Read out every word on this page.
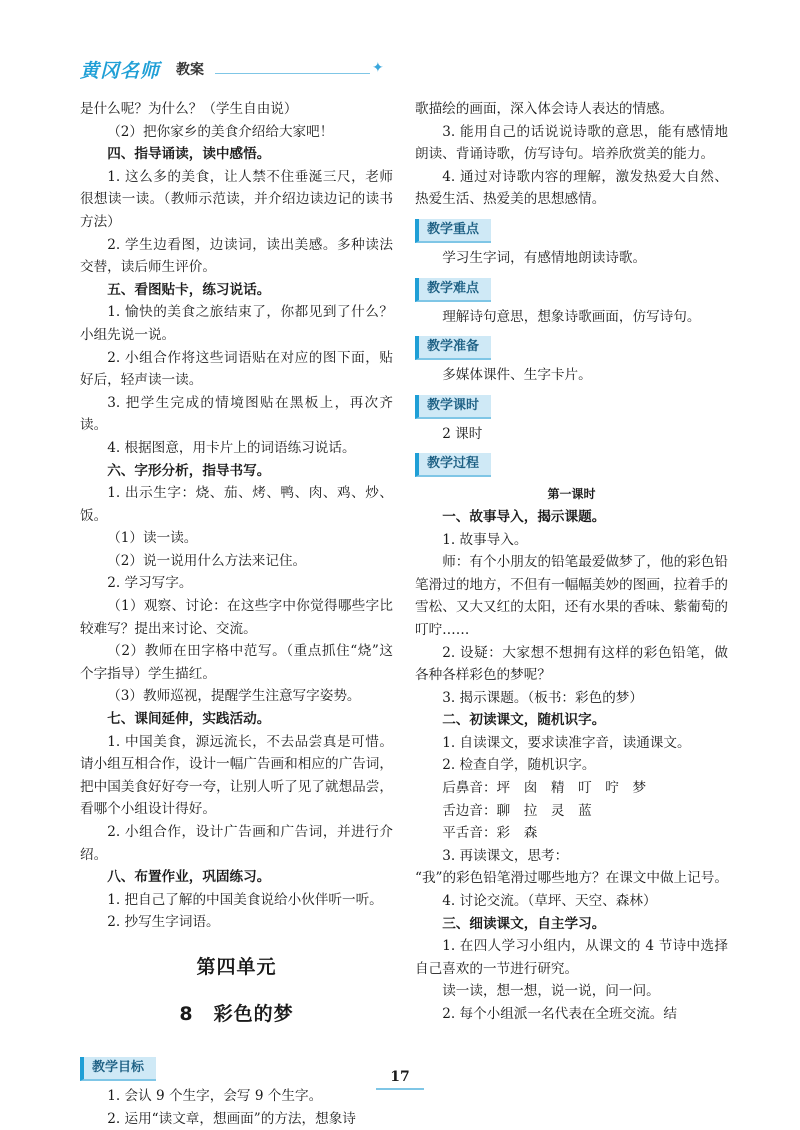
黄冈名师 教案	✦

是什么呢？为什么？（学生自由说）

（2）把你家乡的美食介绍给大家吧！

四、指导诵读，读中感悟。

1. 这么多的美食，让人禁不住垂涎三尺，老师很想读一读。（教师示范读，并介绍边读边记的读书方法）

2. 学生边看图，边读词，读出美感。多种读法交替，读后师生评价。

五、看图贴卡，练习说话。

1. 愉快的美食之旅结束了，你都见到了什么？小组先说一说。

2. 小组合作将这些词语贴在对应的图下面，贴好后，轻声读一读。

3. 把学生完成的情境图贴在黑板上，再次齐读。

4. 根据图意，用卡片上的词语练习说话。

六、字形分析，指导书写。

1. 出示生字：烧、茄、烤、鸭、肉、鸡、炒、饭。

（1）读一读。

（2）说一说用什么方法来记住。

2. 学习写字。

（1）观察、讨论：在这些字中你觉得哪些字比较难写？提出来讨论、交流。

（2）教师在田字格中范写。（重点抓住“烧”这个字指导）学生描红。

（3）教师巡视，提醒学生注意写字姿势。

七、课间延伸，实践活动。

1. 中国美食，源远流长，不去品尝真是可惜。请小组互相合作，设计一幅广告画和相应的广告词，把中国美食好好夸一夸，让别人听了见了就想品尝，看哪个小组设计得好。

2. 小组合作，设计广告画和广告词，并进行介绍。

八、布置作业，巩固练习。

1. 把自己了解的中国美食说给小伙伴听一听。

2. 抄写生字词语。

第四单元
8　彩色的梦
教学目标

1. 会认 9 个生字，会写 9 个生字。

2. 运用“读文章，想画面”的方法，想象诗

歌描绘的画面，深入体会诗人表达的情感。

3. 能用自己的话说说诗歌的意思，能有感情地朗读、背诵诗歌，仿写诗句。培养欣赏美的能力。

4. 通过对诗歌内容的理解，激发热爱大自然、热爱生活、热爱美的思想感情。

教学重点

学习生字词，有感情地朗读诗歌。

教学难点

理解诗句意思，想象诗歌画面，仿写诗句。

教学准备

多媒体课件、生字卡片。

教学课时

2 课时

教学过程
第一课时

一、故事导入，揭示课题。

1. 故事导入。

师：有个小朋友的铅笔最爱做梦了，他的彩色铅笔滑过的地方，不但有一幅幅美妙的图画，拉着手的雪松、又大又红的太阳，还有水果的香味、紫葡萄的叮咛……

2. 设疑：大家想不想拥有这样的彩色铅笔，做各种各样彩色的梦呢？

3. 揭示课题。（板书：彩色的梦）

二、初读课文，随机识字。

1. 自读课文，要求读准字音，读通课文。

2. 检查自学，随机识字。

后鼻音：坪　囱　精　叮　咛　梦

舌边音：聊　拉　灵　蓝

平舌音：彩　森

3. 再读课文，思考：

“我”的彩色铅笔滑过哪些地方？在课文中做上记号。

4. 讨论交流。（草坪、天空、森林）

三、细读课文，自主学习。

1. 在四人学习小组内，从课文的 4 节诗中选择自己喜欢的一节进行研究。

读一读，想一想，说一说，问一问。

2. 每个小组派一名代表在全班交流。结

17
